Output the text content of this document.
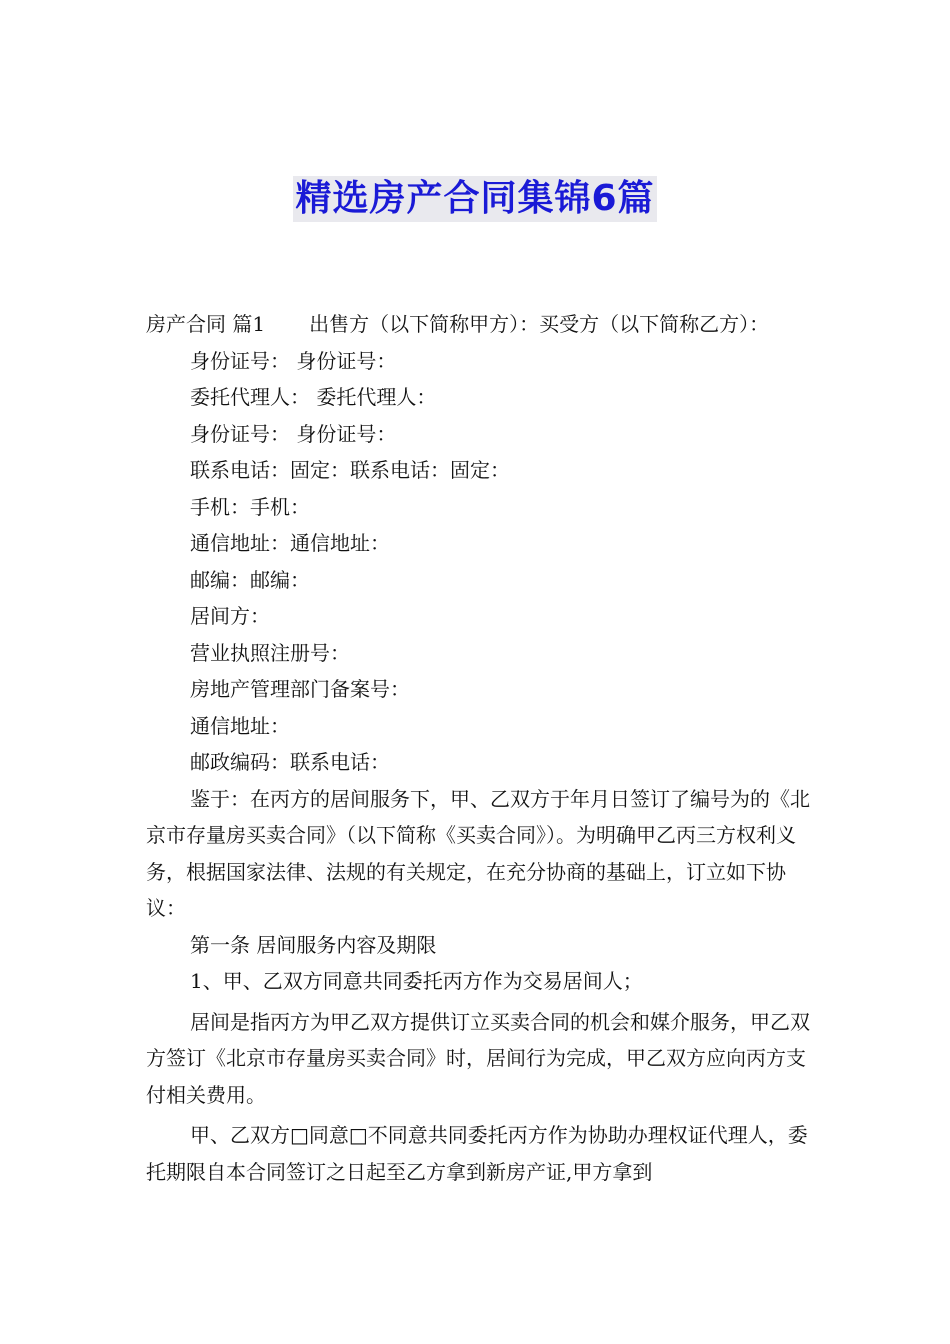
精选房产合同集锦6篇

房产合同 篇1 出售方（以下简称甲方）：买受方（以下简称乙方）：

身份证号： 身份证号：

委托代理人： 委托代理人：

身份证号： 身份证号：

联系电话：固定：联系电话：固定：

手机：手机：

通信地址：通信地址：

邮编：邮编：

居间方：

营业执照注册号：

房地产管理部门备案号：

通信地址：

邮政编码：联系电话：

鉴于：在丙方的居间服务下，甲、乙双方于年月日签订了编号为的《北京市存量房买卖合同》（以下简称《买卖合同》）。为明确甲乙丙三方权利义务，根据国家法律、法规的有关规定，在充分协商的基础上，订立如下协议：

第一条 居间服务内容及期限

1、甲、乙双方同意共同委托丙方作为交易居间人；

居间是指丙方为甲乙双方提供订立买卖合同的机会和媒介服务，甲乙双方签订《北京市存量房买卖合同》时，居间行为完成，甲乙双方应向丙方支付相关费用。

甲、乙双方□同意□不同意共同委托丙方作为协助办理权证代理人，委托期限自本合同签订之日起至乙方拿到新房产证,甲方拿到
